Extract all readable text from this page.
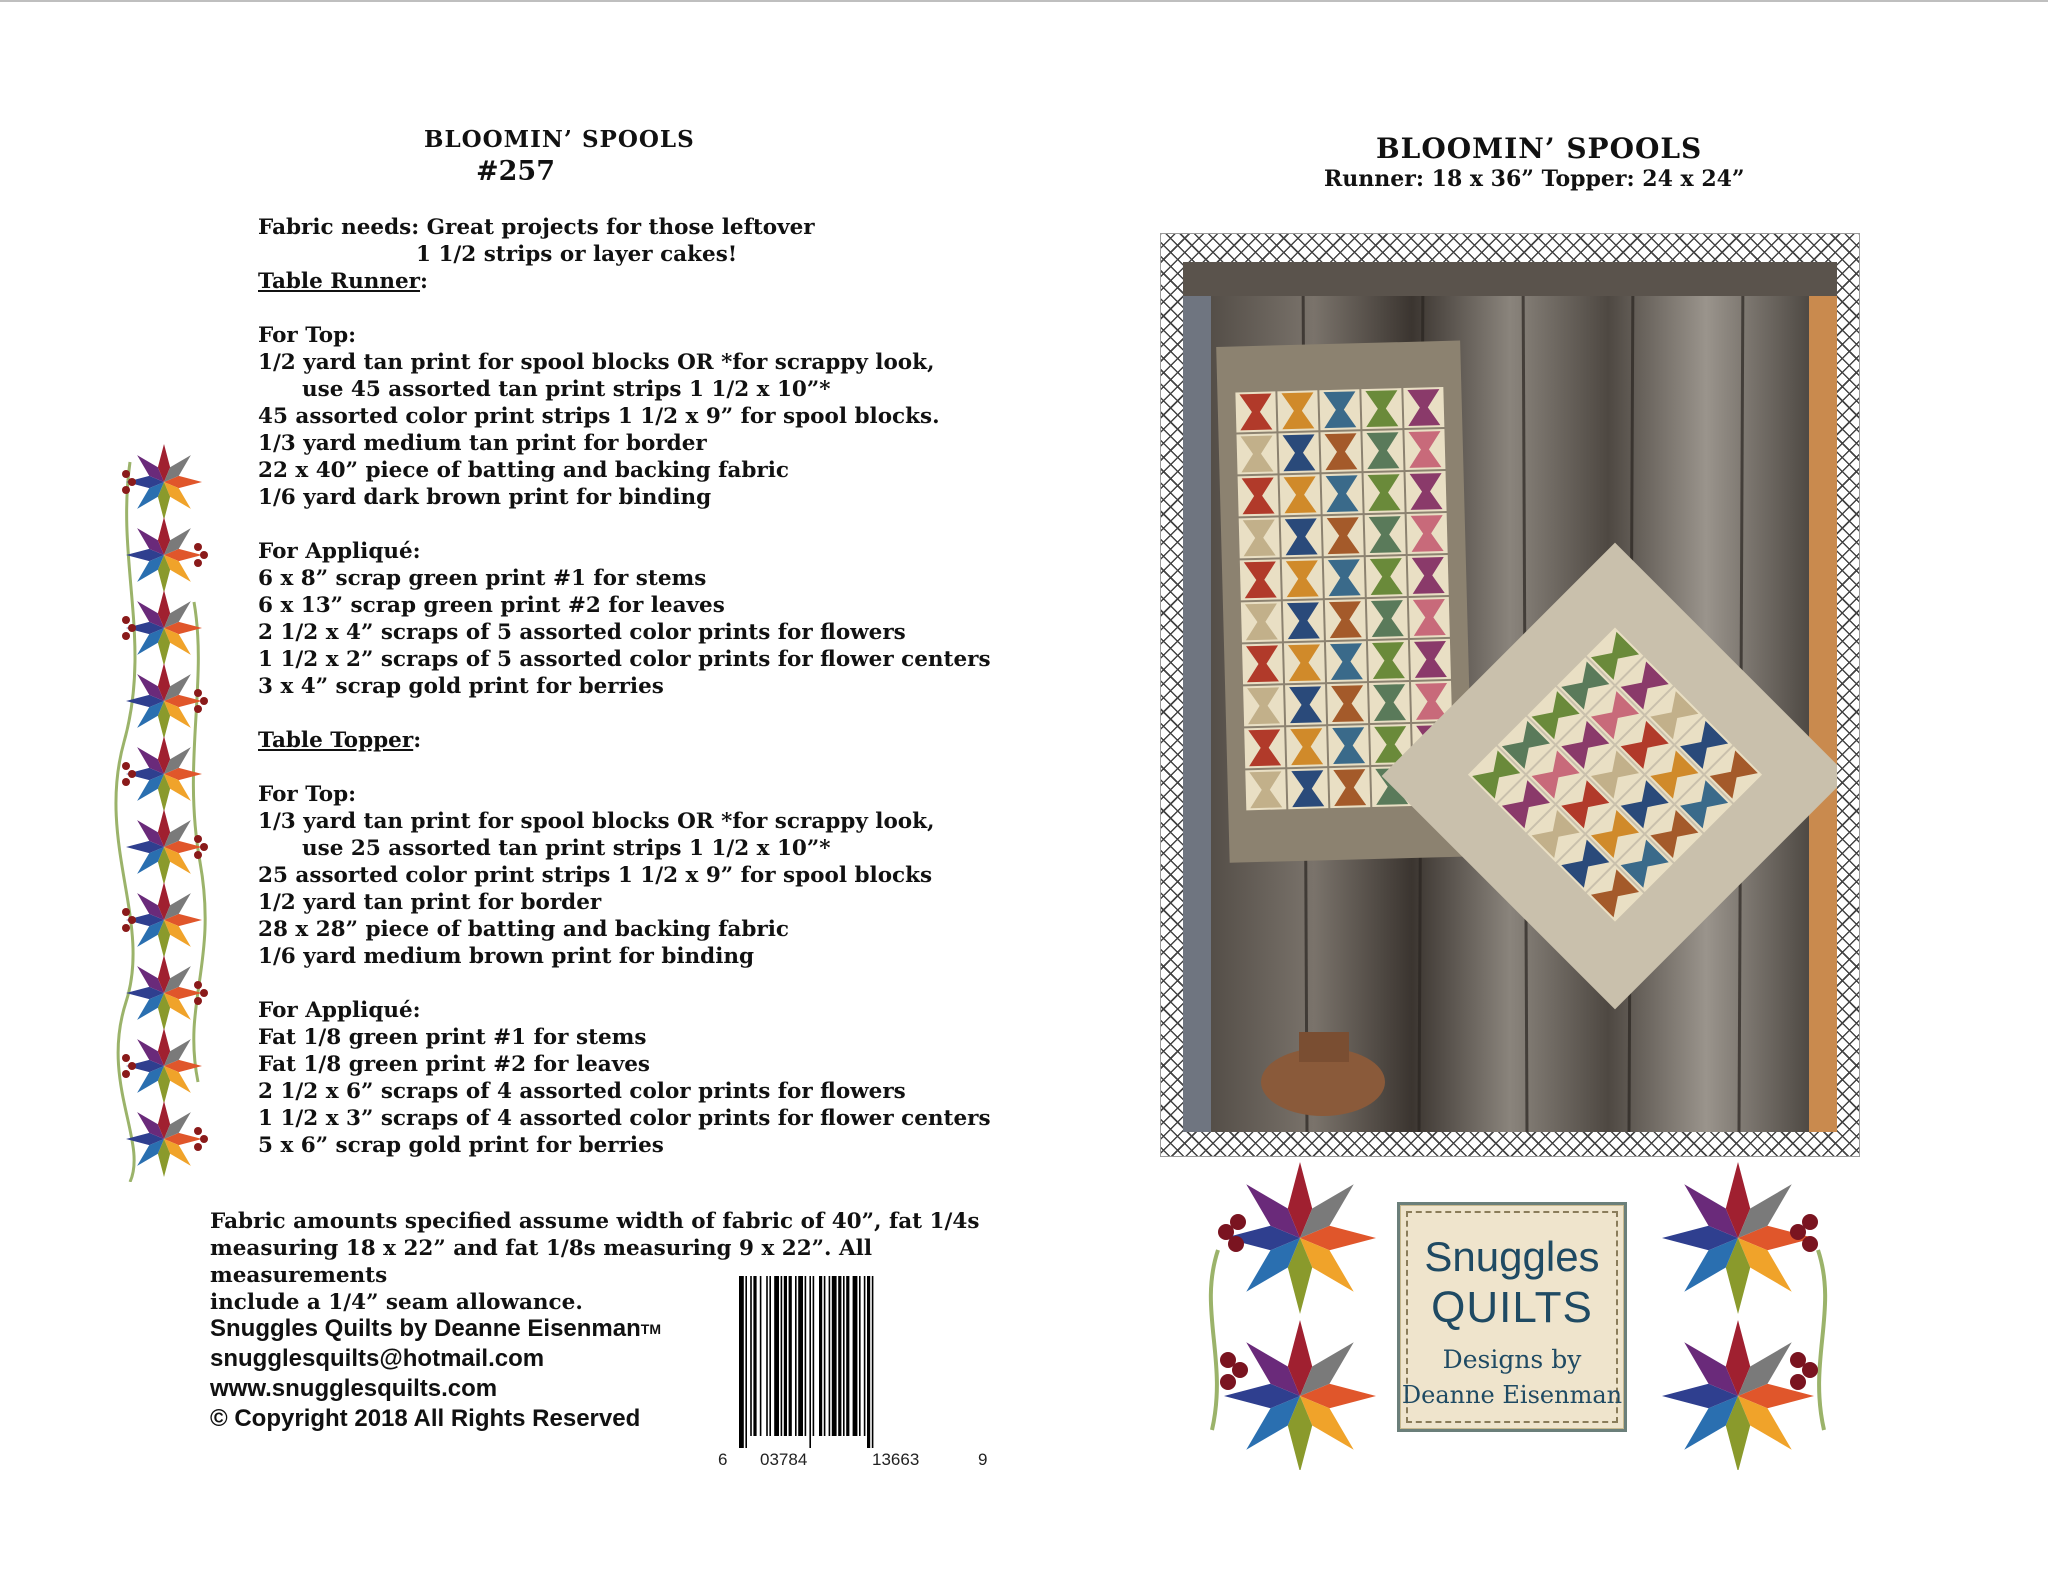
BLOOMIN’ SPOOLS
#257
Fabric needs: Great projects for those leftover
1 1/2 strips or layer cakes!
Table Runner:
For Top:
1/2 yard tan print for spool blocks OR *for scrappy look,
use 45 assorted tan print strips 1 1/2 x 10”*
45 assorted color print strips 1 1/2 x 9” for spool blocks.
1/3 yard medium tan print for border
22 x 40” piece of batting and backing fabric
1/6 yard dark brown print for binding
For Appliqué:
6 x 8” scrap green print #1 for stems
6 x 13” scrap green print #2 for leaves
2 1/2 x 4” scraps of 5 assorted color prints for flowers
1 1/2 x 2” scraps of 5 assorted color prints for flower centers
3 x 4” scrap gold print for berries
Table Topper:
For Top:
1/3 yard tan print for spool blocks OR *for scrappy look,
use 25 assorted tan print strips 1 1/2 x 10”*
25 assorted color print strips 1 1/2 x 9” for spool blocks
1/2 yard tan print for border
28 x 28” piece of batting and backing fabric
1/6 yard medium brown print for binding
For Appliqué:
Fat 1/8 green print #1 for stems
Fat 1/8 green print #2 for leaves
2 1/2 x 6” scraps of 4 assorted color prints for flowers
1 1/2 x 3” scraps of 4 assorted color prints for flower centers
5 x 6” scrap gold print for berries
Fabric amounts specified assume width of fabric of 40”, fat 1/4s
measuring 18 x 22” and fat 1/8s measuring 9 x 22”. All measurements
include a 1/4” seam allowance.
Snuggles Quilts by Deanne Eisenman™
snugglesquilts@hotmail.com
www.snugglesquilts.com
© Copyright 2018 All Rights Reserved
6 03784	13663	9
BLOOMIN’ SPOOLS
Runner: 18 x 36” Topper: 24 x 24”
Snuggles
QUILTS
Designs by
Deanne Eisenman
